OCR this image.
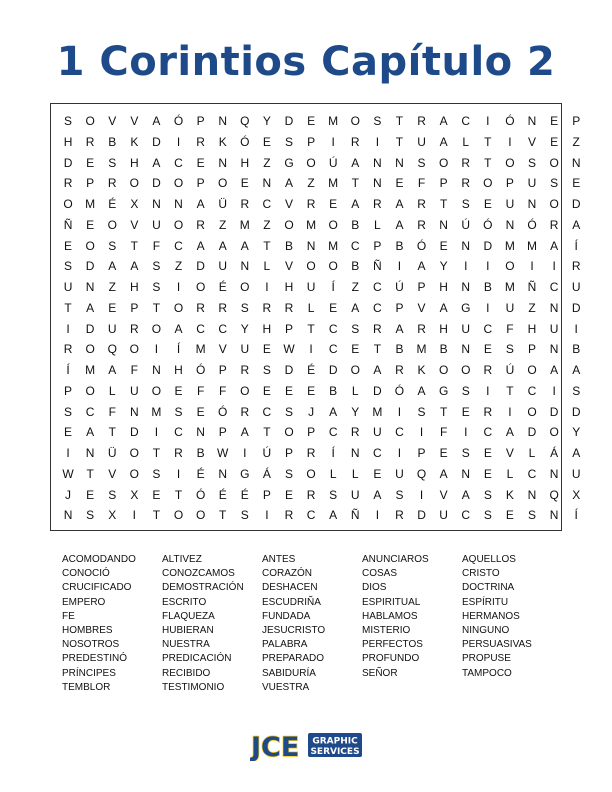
1 Corintios Capítulo 2
S	O	V	V	A	Ó	P	N	Q	Y	D	E	M	O	S	T	R	A	C	I	Ó	N	E	P
H	R	B	K	D	I	R	K	Ó	E	S	P	I	R	I	T	U	A	L	T	I	V	E	Z
D	E	S	H	A	C	E	N	H	Z	G	O	Ú	A	N	N	S	O	R	T	O	S	O	N
R	P	R	O	D	O	P	O	E	N	A	Z	M	T	N	E	F	P	R	O	P	U	S	E
O	M	É	X	N	N	A	Ü	R	C	V	R	E	A	R	A	R	T	S	E	U	N	O	D
Ñ	E	O	V	U	O	R	Z	M	Z	O	M	O	B	L	A	R	N	Ú	Ó	N	Ó	R	A
E	O	S	T	F	C	A	A	A	T	B	N	M	C	P	B	Ó	E	N	D	M	M	A	Í
S	D	A	A	S	Z	D	U	N	L	V	O	O	B	Ñ	I	A	Y	I	I	O	I	I	R
U	N	Z	H	S	I	O	É	O	I	H	U	Í	Z	C	Ú	P	H	N	B	M	Ñ	C	U
T	A	E	P	T	O	R	R	S	R	R	L	E	A	C	P	V	A	G	I	U	Z	N	D
I	D	U	R	O	A	C	C	Y	H	P	T	C	S	R	A	R	H	U	C	F	H	U	I
R	O	Q	O	I	Í	M	V	U	E	W	I	C	E	T	B	M	B	N	E	S	P	N	B
Í	M	A	F	N	H	Ó	P	R	S	D	É	D	O	A	R	K	O	O	R	Ú	O	A	A
P	O	L	U	O	E	F	F	O	E	E	E	B	L	D	Ó	A	G	S	I	T	C	I	S
S	C	F	N	M	S	E	Ó	R	C	S	J	A	Y	M	I	S	T	E	R	I	O	D	D
E	A	T	D	I	C	N	P	A	T	O	P	C	R	U	C	I	F	I	C	A	D	O	Y
I	N	Ü	O	T	R	B	W	I	Ú	P	R	Í	N	C	I	P	E	S	E	V	L	Á	A
W	T	V	O	S	I	É	N	G	Á	S	O	L	L	E	U	Q	A	N	E	L	C	N	U
J	E	S	X	E	T	Ó	É	É	P	E	R	S	U	A	S	I	V	A	S	K	N	Q	X
N	S	X	I	T	O	O	T	S	I	R	C	A	Ñ	I	R	D	U	C	S	E	S	N	Í
ACOMODANDO
CONOCIÓ
CRUCIFICADO
EMPERO
FE
HOMBRES
NOSOTROS
PREDESTINÓ
PRÍNCIPES
TEMBLOR
ALTIVEZ
CONOZCAMOS
DEMOSTRACIÓN
ESCRITO
FLAQUEZA
HUBIERAN
NUESTRA
PREDICACIÓN
RECIBIDO
TESTIMONIO
ANTES
CORAZÓN
DESHACEN
ESCUDRIÑA
FUNDADA
JESUCRISTO
PALABRA
PREPARADO
SABIDURÍA
VUESTRA
ANUNCIAROS
COSAS
DIOS
ESPIRITUAL
HABLAMOS
MISTERIO
PERFECTOS
PROFUNDO
SEÑOR
AQUELLOS
CRISTO
DOCTRINA
ESPÍRITU
HERMANOS
NINGUNO
PERSUASIVAS
PROPUSE
TAMPOCO
JCE GRAPHIC
SERVICES
